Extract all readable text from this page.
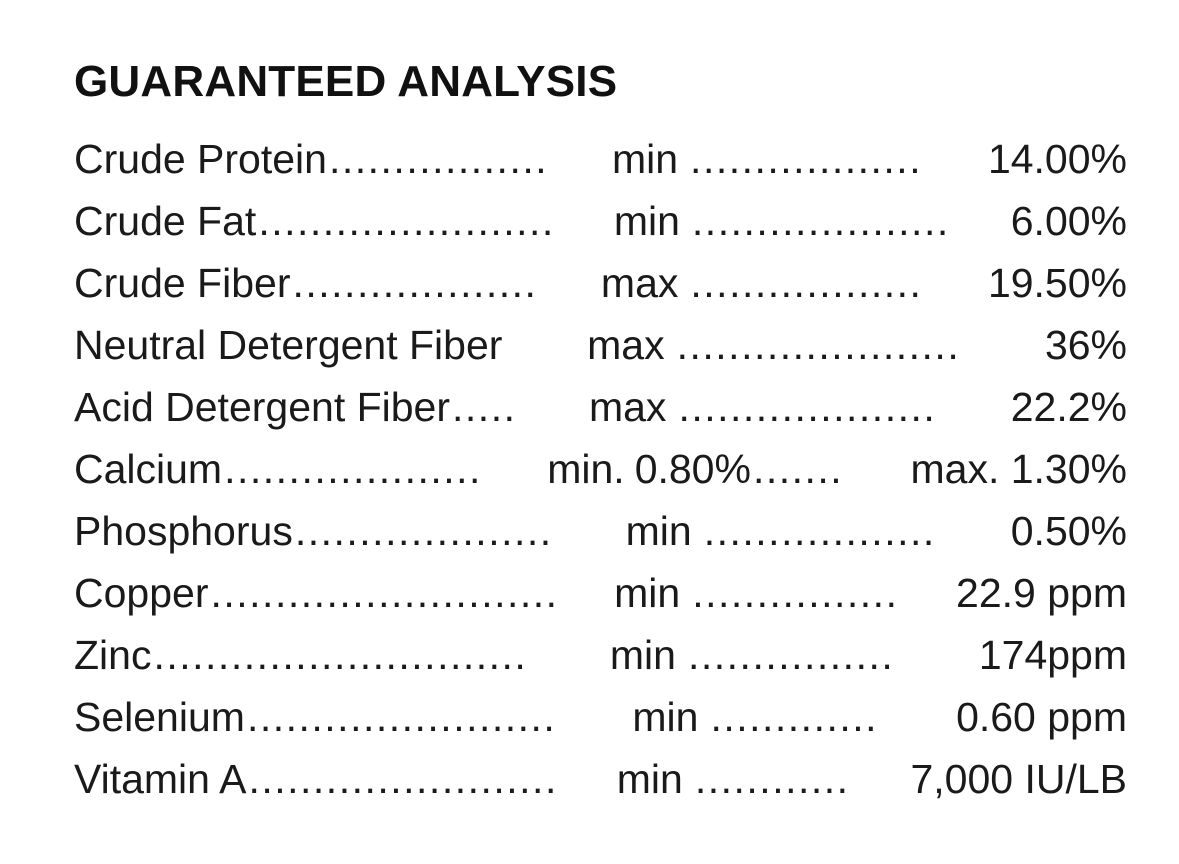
GUARANTEED ANALYSIS
Crude Protein .................	min ..................	14.00%
Crude Fat .......................	min ....................	6.00%
Crude Fiber ...................	max ..................	19.50%
Neutral Detergent Fiber max ......................	36%
Acid Detergent Fiber .....	max ....................	22.2%
Calcium ....................	min. 0.80% .......	max. 1.30%
Phosphorus ....................	min ..................	0.50%
Copper ...........................	min ................	22.9 ppm
Zinc .............................	min ................	174ppm
Selenium ........................	min .............	0.60 ppm
Vitamin A ........................	min ............	7,000 IU/LB
